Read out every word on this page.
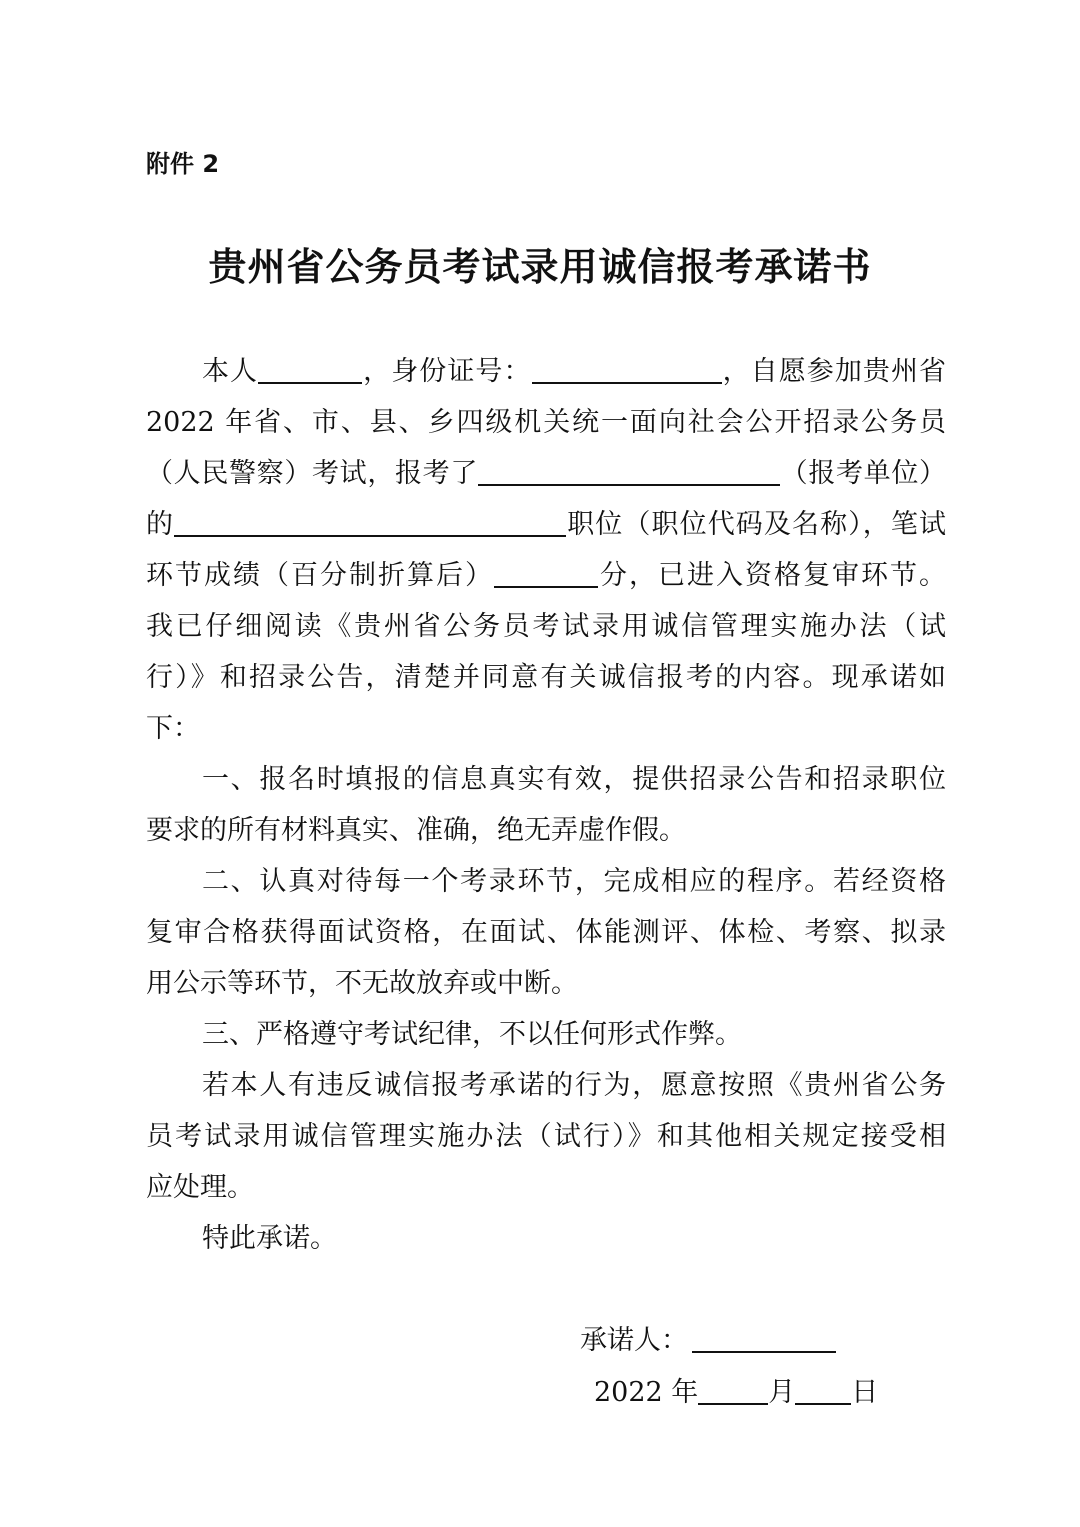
附件 2
贵州省公务员考试录用诚信报考承诺书
本人	，身份证号：	，自愿参加贵州省
2022 年省、市、县、乡四级机关统一面向社会公开招录公务员
（人民警察）考试，报考了	（报考单位）
的	职位（职位代码及名称），笔试
环节成绩（百分制折算后）	分，已进入资格复审环节。
我已仔细阅读《贵州省公务员考试录用诚信管理实施办法（试
行）》和招录公告，清楚并同意有关诚信报考的内容。现承诺如
下：
一、报名时填报的信息真实有效，提供招录公告和招录职位
要求的所有材料真实、准确，绝无弄虚作假。
二、认真对待每一个考录环节，完成相应的程序。若经资格
复审合格获得面试资格，在面试、体能测评、体检、考察、拟录
用公示等环节，不无故放弃或中断。
三、严格遵守考试纪律，不以任何形式作弊。
若本人有违反诚信报考承诺的行为，愿意按照《贵州省公务
员考试录用诚信管理实施办法（试行）》和其他相关规定接受相
应处理。
特此承诺。
承诺人：
2022 年	月 日
